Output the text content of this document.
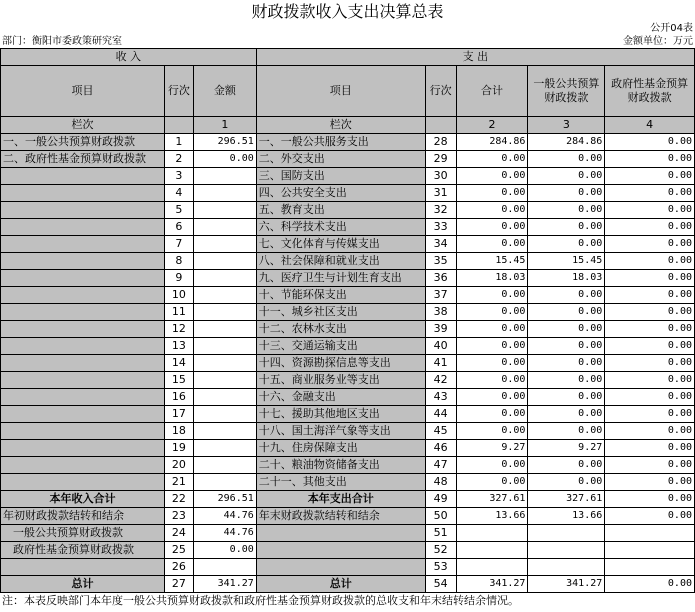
财政拨款收入支出决算总表
公开04表
部门：衡阳市委政策研究室	金额单位：万元
收 入			支 出				
项目	行次	金额	项目	行次	合计	一般公共预算财政拨款	政府性基金预算财政拨款
栏次		1	栏次		2	3	4
一、一般公共预算财政拨款	1	296.51	一、一般公共服务支出	28	284.86	284.86	0.00
二、政府性基金预算财政拨款	2	0.00	二、外交支出	29	0.00	0.00	0.00
	3		三、国防支出	30	0.00	0.00	0.00
	4		四、公共安全支出	31	0.00	0.00	0.00
	5		五、教育支出	32	0.00	0.00	0.00
	6		六、科学技术支出	33	0.00	0.00	0.00
	7		七、文化体育与传媒支出	34	0.00	0.00	0.00
	8		八、社会保障和就业支出	35	15.45	15.45	0.00
	9		九、医疗卫生与计划生育支出	36	18.03	18.03	0.00
	10		十、节能环保支出	37	0.00	0.00	0.00
	11		十一、城乡社区支出	38	0.00	0.00	0.00
	12		十二、农林水支出	39	0.00	0.00	0.00
	13		十三、交通运输支出	40	0.00	0.00	0.00
	14		十四、资源勘探信息等支出	41	0.00	0.00	0.00
	15		十五、商业服务业等支出	42	0.00	0.00	0.00
	16		十六、金融支出	43	0.00	0.00	0.00
	17		十七、援助其他地区支出	44	0.00	0.00	0.00
	18		十八、国土海洋气象等支出	45	0.00	0.00	0.00
	19		十九、住房保障支出	46	9.27	9.27	0.00
	20		二十、粮油物资储备支出	47	0.00	0.00	0.00
	21		二十一、其他支出	48	0.00	0.00	0.00
本年收入合计	22	296.51	本年支出合计	49	327.61	327.61	0.00
年初财政拨款结转和结余	23	44.76	年末财政拨款结转和结余	50	13.66	13.66	0.00
一般公共预算财政拨款	24	44.76		51			
政府性基金预算财政拨款	25	0.00		52			
	26			53			
总计	27	341.27	总计	54	341.27	341.27	0.00
注：本表反映部门本年度一般公共预算财政拨款和政府性基金预算财政拨款的总收支和年末结转结余情况。
